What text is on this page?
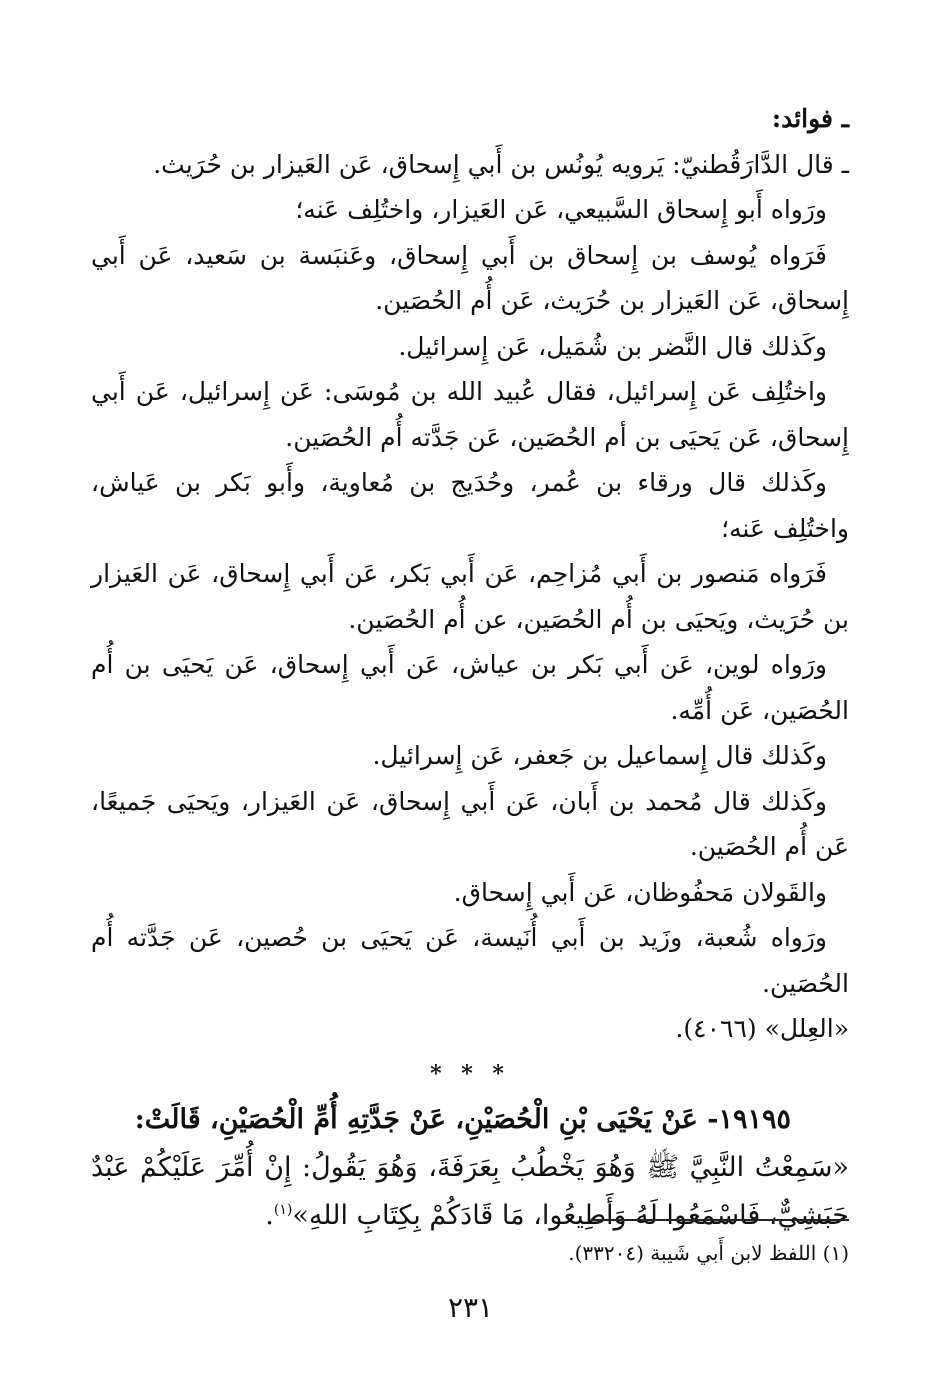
ـ فوائد:

ـ قال الدَّارَقُطنيّ: يَرويه يُونُس بن أَبي إِسحاق، عَن العَيزار بن حُرَيث.

ورَواه أَبو إِسحاق السَّبيعي، عَن العَيزار، واختُلِف عَنه؛

فَرَواه يُوسف بن إِسحاق بن أَبي إِسحاق، وعَنبَسة بن سَعيد، عَن أَبي إِسحاق، عَن العَيزار بن حُرَيث، عَن أُم الحُصَين.

وكَذلك قال النَّضر بن شُمَيل، عَن إِسرائيل.

واختُلِف عَن إِسرائيل، فقال عُبيد الله بن مُوسَى: عَن إِسرائيل، عَن أَبي إِسحاق، عَن يَحيَى بن أم الحُصَين، عَن جَدَّته أُم الحُصَين.

وكَذلك قال ورقاء بن عُمر، وحُدَيج بن مُعاوية، وأَبو بَكر بن عَياش، واختُلِف عَنه؛

فَرَواه مَنصور بن أَبي مُزاحِم، عَن أَبي بَكر، عَن أَبي إِسحاق، عَن العَيزار بن حُرَيث، ويَحيَى بن أُم الحُصَين، عن أُم الحُصَين.

ورَواه لوين، عَن أَبي بَكر بن عياش، عَن أَبي إِسحاق، عَن يَحيَى بن أُم الحُصَين، عَن أُمِّه.

وكَذلك قال إِسماعيل بن جَعفر، عَن إِسرائيل.

وكَذلك قال مُحمد بن أَبان، عَن أَبي إِسحاق، عَن العَيزار، ويَحيَى جَميعًا، عَن أُم الحُصَين.

والقَولان مَحفُوظان، عَن أَبي إِسحاق.

ورَواه شُعبة، وزَيد بن أَبي أُنَيسة، عَن يَحيَى بن حُصين، عَن جَدَّته أُم الحُصَين.

«العِلل» (٤٠٦٦).

* * *

١٩١٩٥- عَنْ يَحْيَى بْنِ الْحُصَيْنِ، عَنْ جَدَّتِهِ أُمِّ الْحُصَيْنِ، قَالَتْ:

«سَمِعْتُ النَّبِيَّ ﷺ وَهُوَ يَخْطُبُ بِعَرَفَةَ، وَهُوَ يَقُولُ: إِنْ أُمِّرَ عَلَيْكُمْ عَبْدٌ حَبَشِيٌّ، فَاسْمَعُوا لَهُ وَأَطِيعُوا، مَا قَادَكُمْ بِكِتَابِ اللهِ»$^{(١)}$.

(١) اللفظ لابن أَبي شَيبة (٣٣٢٠٤).

٢٣١
